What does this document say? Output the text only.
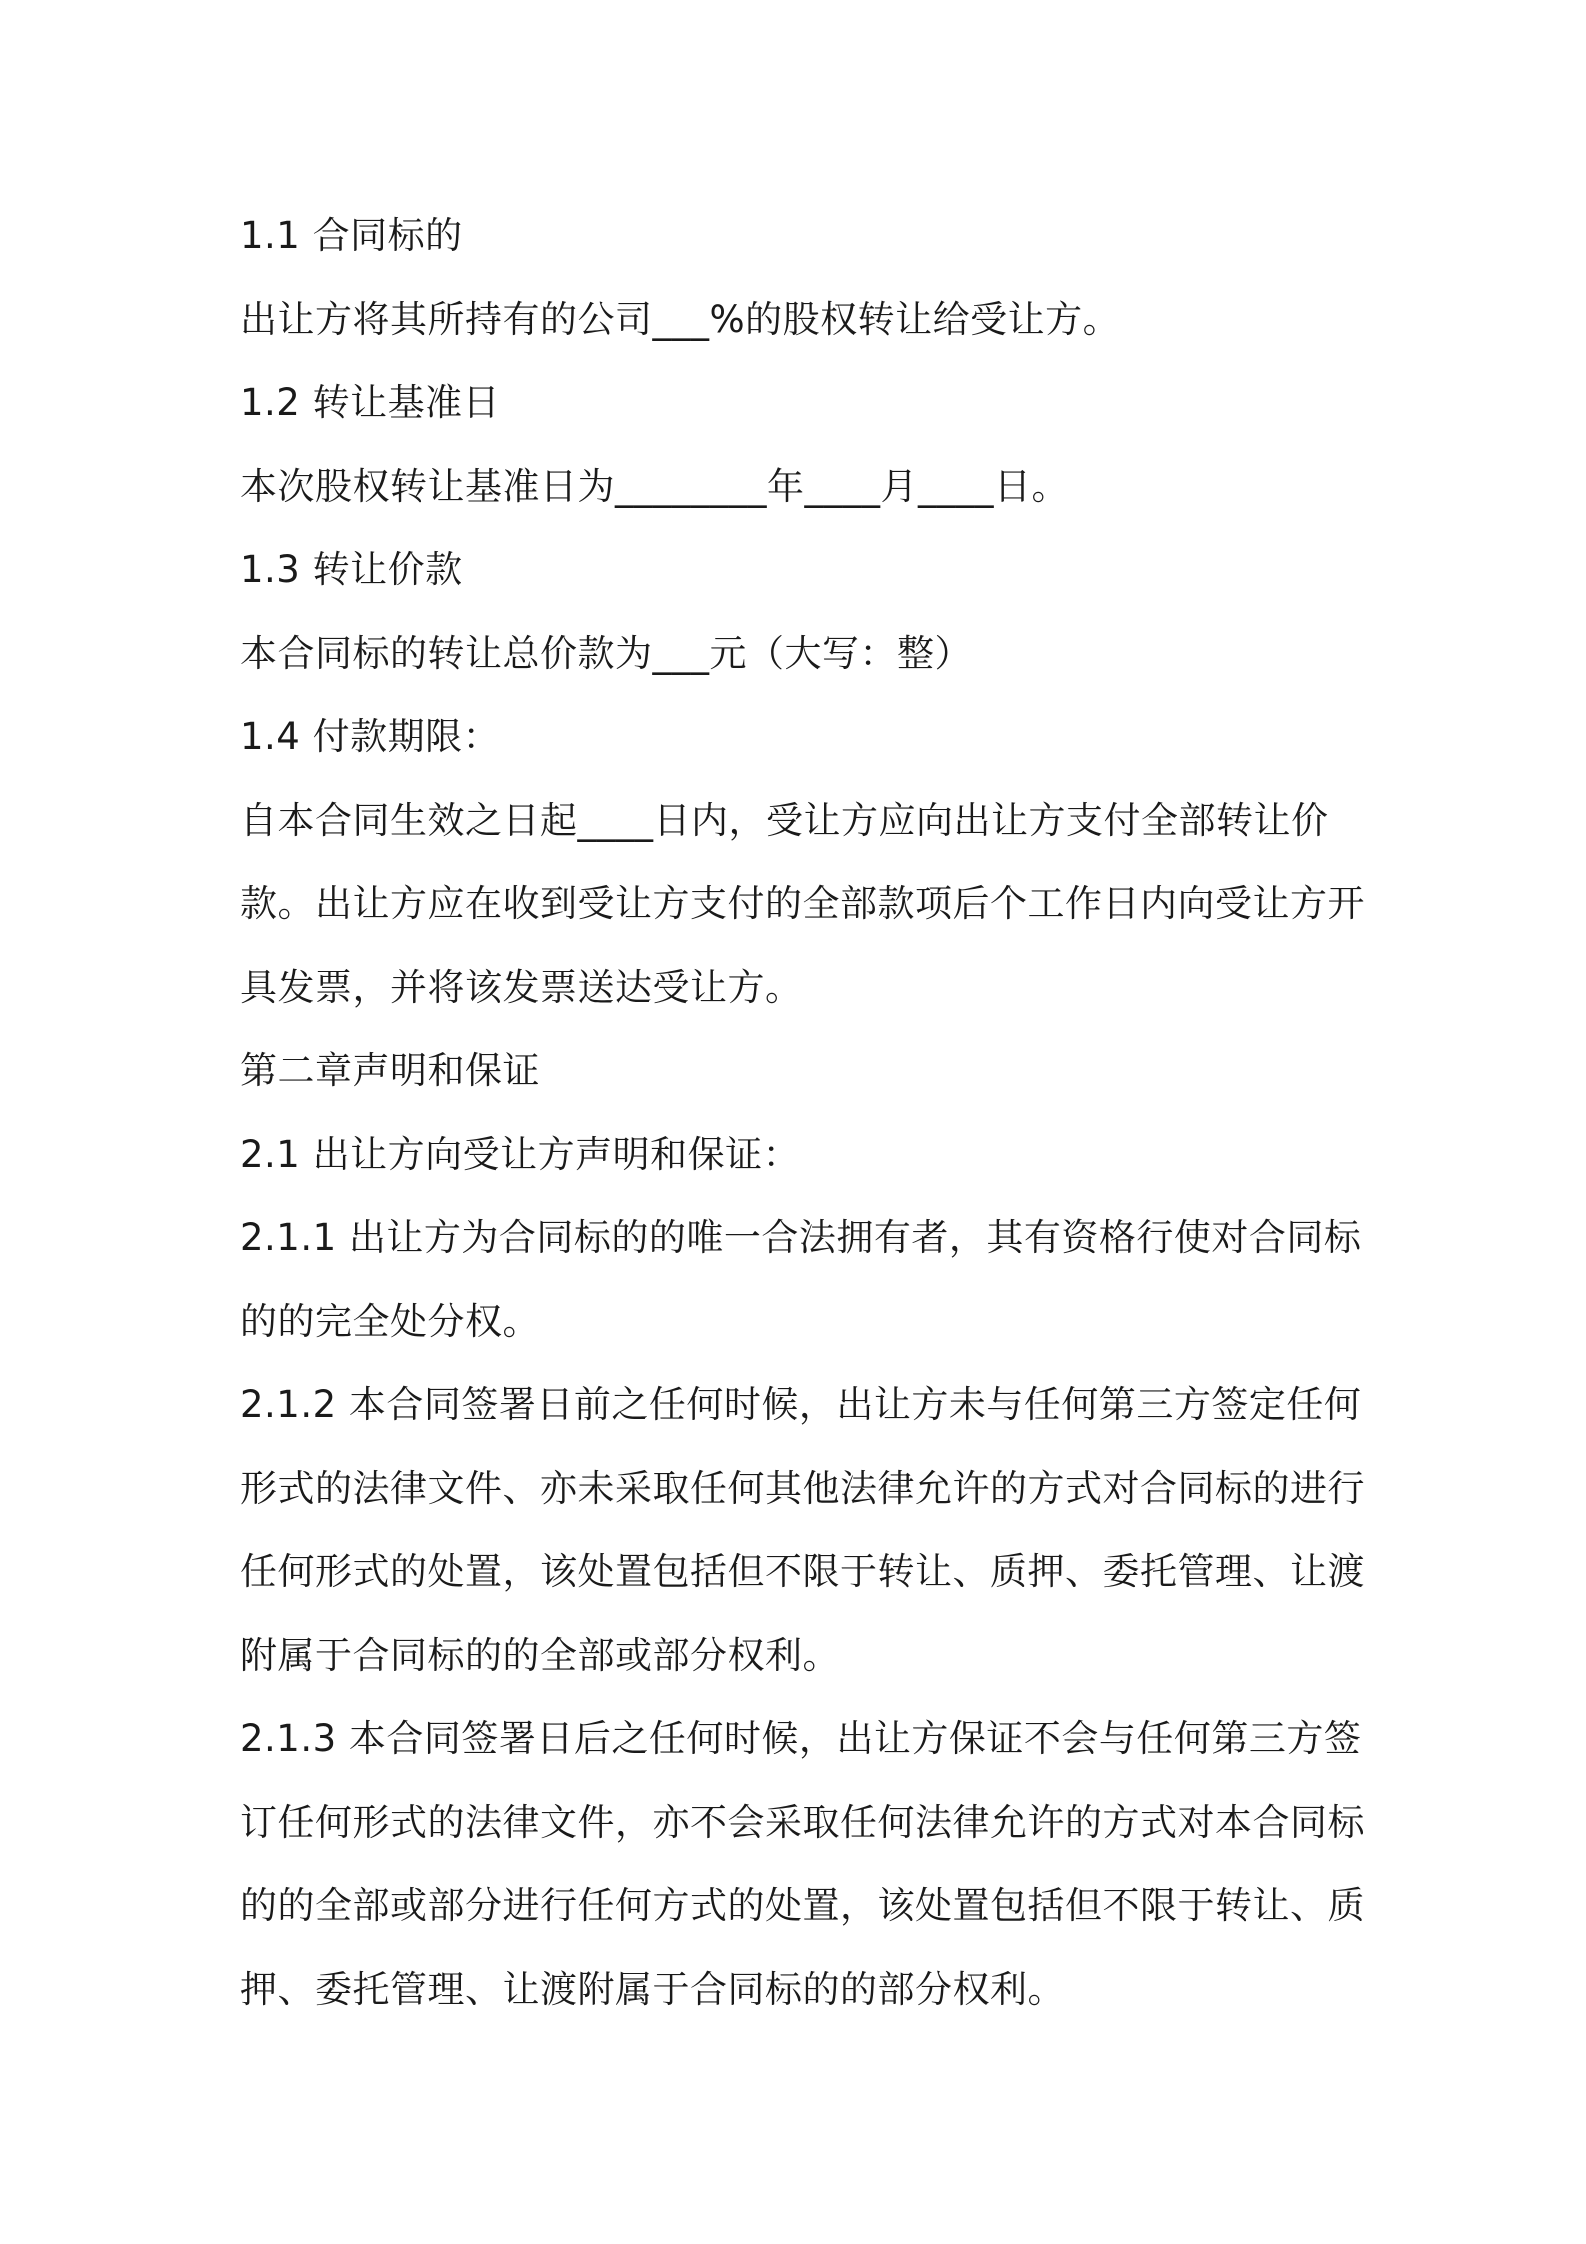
1.1 合同标的
出让方将其所持有的公司___%的股权转让给受让方。
1.2 转让基准日
本次股权转让基准日为________年____月____日。
1.3 转让价款
本合同标的转让总价款为___元（大写：整）
1.4 付款期限：
自本合同生效之日起____日内，受让方应向出让方支付全部转让价
款。出让方应在收到受让方支付的全部款项后个工作日内向受让方开
具发票，并将该发票送达受让方。
第二章声明和保证
2.1 出让方向受让方声明和保证：
2.1.1 出让方为合同标的的唯一合法拥有者，其有资格行使对合同标
的的完全处分权。
2.1.2 本合同签署日前之任何时候，出让方未与任何第三方签定任何
形式的法律文件、亦未采取任何其他法律允许的方式对合同标的进行
任何形式的处置，该处置包括但不限于转让、质押、委托管理、让渡
附属于合同标的的全部或部分权利。
2.1.3 本合同签署日后之任何时候，出让方保证不会与任何第三方签
订任何形式的法律文件，亦不会采取任何法律允许的方式对本合同标
的的全部或部分进行任何方式的处置，该处置包括但不限于转让、质
押、委托管理、让渡附属于合同标的的部分权利。
